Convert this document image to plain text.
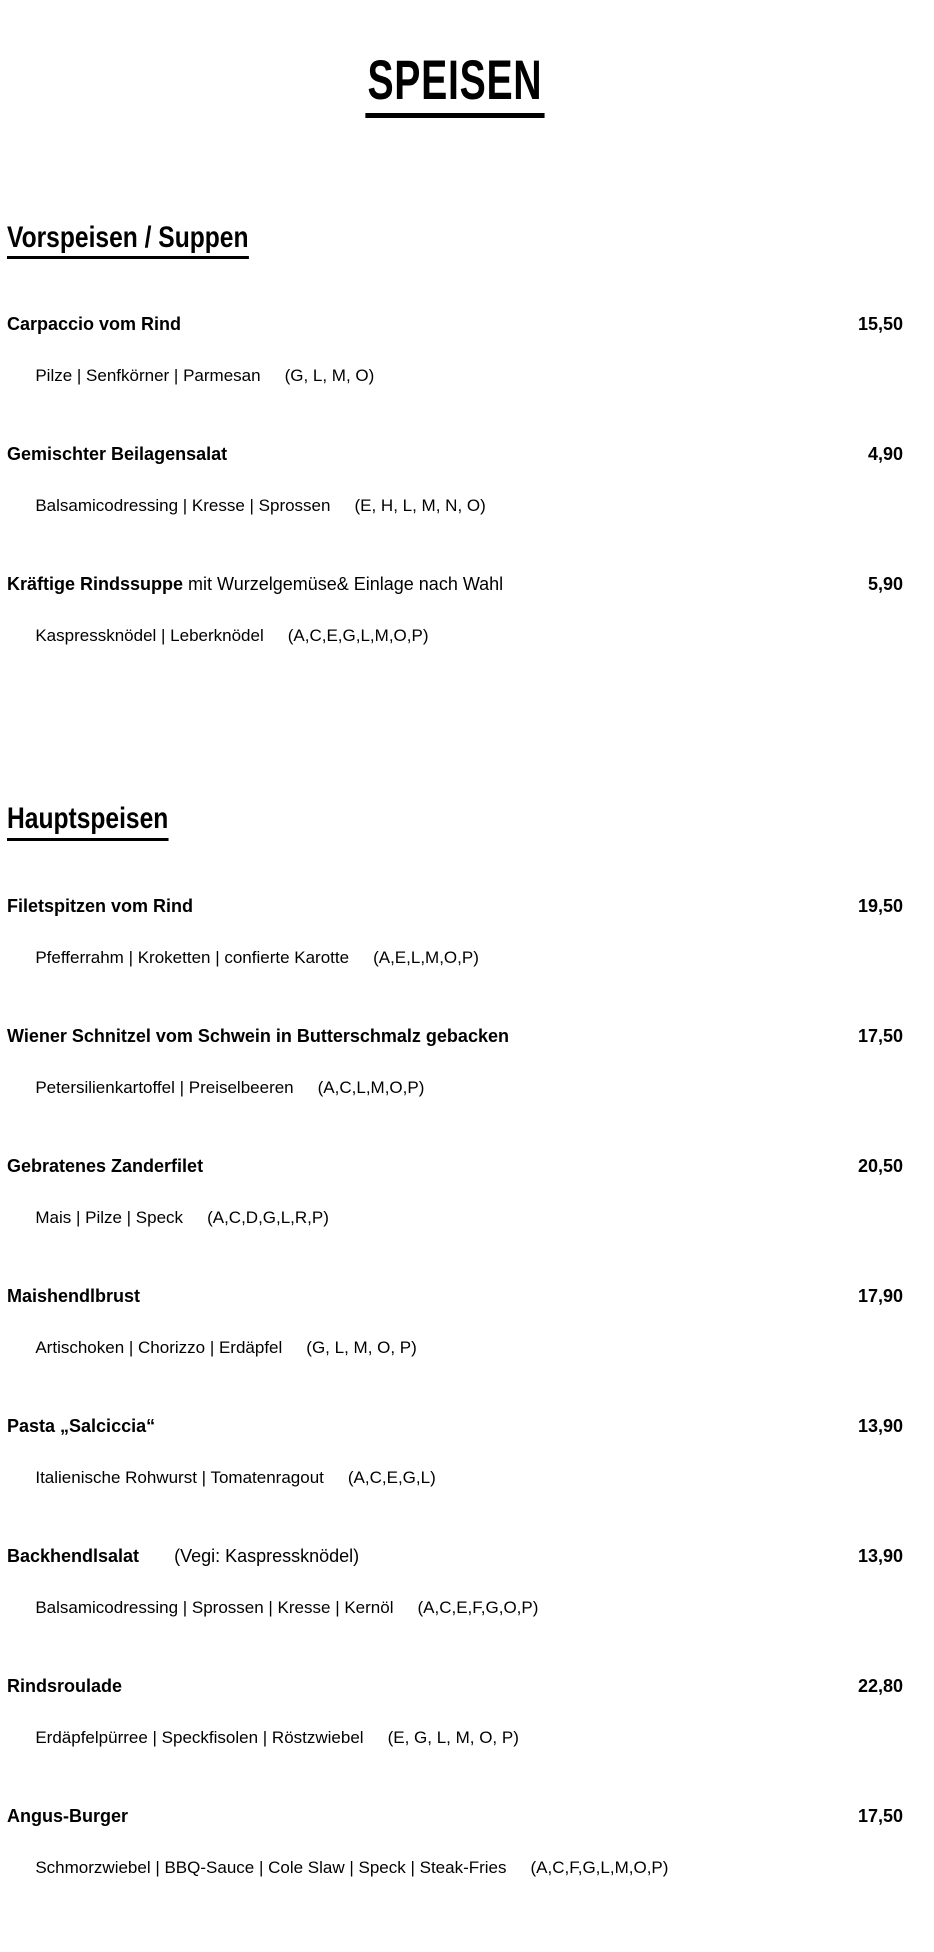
SPEISEN
Vorspeisen / Suppen
Carpaccio vom Rind	15,50

Pilze | Senfkörner | Parmesan (G, L, M, O)

Gemischter Beilagensalat	4,90

Balsamicodressing | Kresse | Sprossen (E, H, L, M, N, O)

Kräftige Rindssuppe mit Wurzelgemüse& Einlage nach Wahl	5,90

Kaspressknödel | Leberknödel (A,C,E,G,L,M,O,P)

Hauptspeisen
Filetspitzen vom Rind	19,50

Pfefferrahm | Kroketten | confierte Karotte (A,E,L,M,O,P)

Wiener Schnitzel vom Schwein in Butterschmalz gebacken	17,50

Petersilienkartoffel | Preiselbeeren (A,C,L,M,O,P)

Gebratenes Zanderfilet	20,50

Mais | Pilze | Speck (A,C,D,G,L,R,P)

Maishendlbrust	17,90

Artischoken | Chorizzo | Erdäpfel (G, L, M, O, P)

Pasta „Salciccia“	13,90

Italienische Rohwurst | Tomatenragout (A,C,E,G,L)

Backhendlsalat       (Vegi: Kaspressknödel)	13,90

Balsamicodressing | Sprossen | Kresse | Kernöl (A,C,E,F,G,O,P)

Rindsroulade	22,80

Erdäpfelpürree | Speckfisolen | Röstzwiebel (E, G, L, M, O, P)

Angus-Burger	17,50

Schmorzwiebel | BBQ-Sauce | Cole Slaw | Speck | Steak-Fries (A,C,F,G,L,M,O,P)
